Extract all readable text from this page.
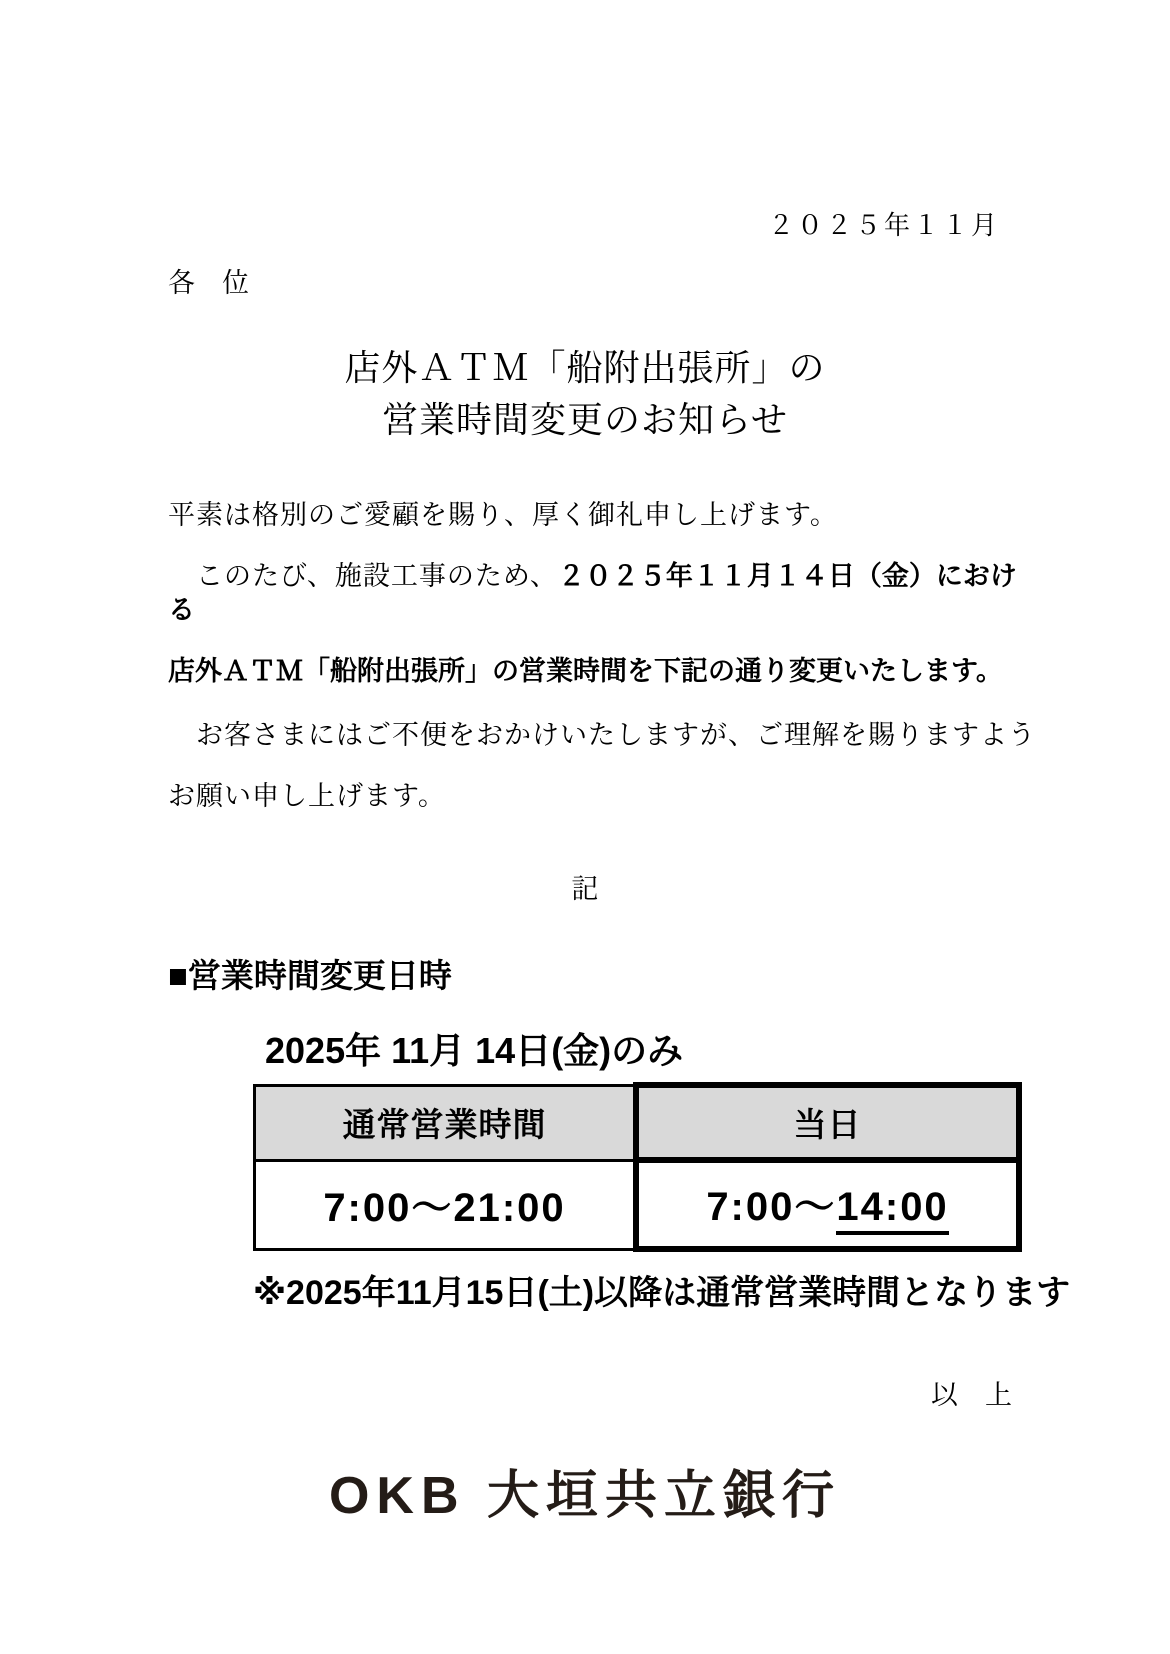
２０２５年１１月
各　位
店外ＡＴＭ「船附出張所」の
営業時間変更のお知らせ

平素は格別のご愛顧を賜り、厚く御礼申し上げます。

　このたび、施設工事のため、２０２５年１１月１４日（金）における

店外ＡＴＭ「船附出張所」の営業時間を下記の通り変更いたします。

　お客さまにはご不便をおかけいたしますが、ご理解を賜りますよう

お願い申し上げます。

記
■営業時間変更日時
2025年 11月 14日(金)のみ
通常営業時間	当日
7:00～21:00	7:00～14:00
※2025年11月15日(土)以降は通常営業時間となります
以　上
OKB 大垣共立銀行
